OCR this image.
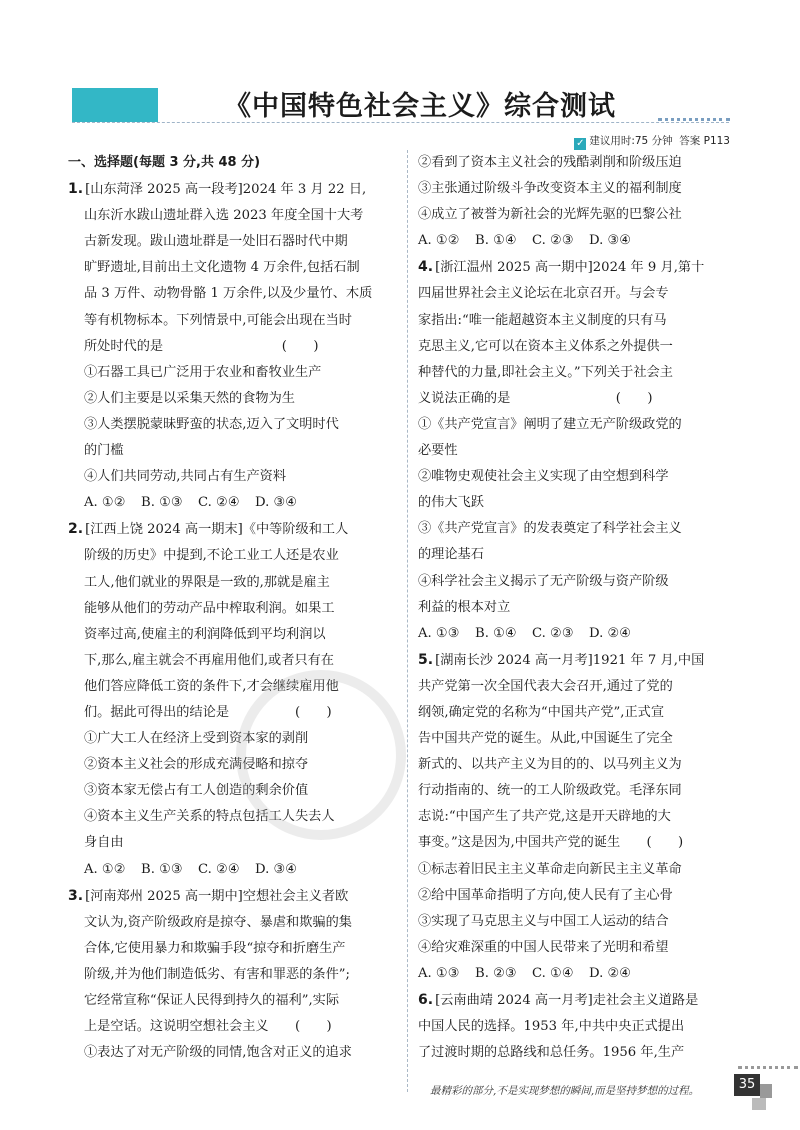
《中国特色社会主义》综合测试
✓ 建议用时:75 分钟 答案 P113
一、选择题(每题 3 分,共 48 分)
1. [山东菏泽 2025 高一段考]2024 年 3 月 22 日,
山东沂水跋山遗址群入选 2023 年度全国十大考
古新发现。跋山遗址群是一处旧石器时代中期
旷野遗址,目前出土文化遗物 4 万余件,包括石制
品 3 万件、动物骨骼 1 万余件,以及少量竹、木质
等有机物标本。下列情景中,可能会出现在当时
所处时代的是　　　　　　　　　(　　)
①石器工具已广泛用于农业和畜牧业生产
②人们主要是以采集天然的食物为生
③人类摆脱蒙昧野蛮的状态,迈入了文明时代
的门槛
④人们共同劳动,共同占有生产资料
A. ①②	B. ①③	C. ②④	D. ③④
2. [江西上饶 2024 高一期末]《中等阶级和工人
阶级的历史》中提到,不论工业工人还是农业
工人,他们就业的界限是一致的,那就是雇主
能够从他们的劳动产品中榨取利润。如果工
资率过高,使雇主的利润降低到平均利润以
下,那么,雇主就会不再雇用他们,或者只有在
他们答应降低工资的条件下,才会继续雇用他
们。据此可得出的结论是　　　　　(　　)
①广大工人在经济上受到资本家的剥削
②资本主义社会的形成充满侵略和掠夺
③资本家无偿占有工人创造的剩余价值
④资本主义生产关系的特点包括工人失去人
身自由
A. ①②	B. ①③	C. ②④	D. ③④
3. [河南郑州 2025 高一期中]空想社会主义者欧
文认为,资产阶级政府是掠夺、暴虐和欺骗的集
合体,它使用暴力和欺骗手段“掠夺和折磨生产
阶级,并为他们制造低劣、有害和罪恶的条件”;
它经常宣称“保证人民得到持久的福利”,实际
上是空话。这说明空想社会主义　　(　　)
①表达了对无产阶级的同情,饱含对正义的追求
②看到了资本主义社会的残酷剥削和阶级压迫
③主张通过阶级斗争改变资本主义的福利制度
④成立了被誉为新社会的光辉先驱的巴黎公社
A. ①②	B. ①④	C. ②③	D. ③④
4. [浙江温州 2025 高一期中]2024 年 9 月,第十
四届世界社会主义论坛在北京召开。与会专
家指出:“唯一能超越资本主义制度的只有马
克思主义,它可以在资本主义体系之外提供一
种替代的力量,即社会主义。”下列关于社会主
义说法正确的是　　　　　　　　(　　)
①《共产党宣言》阐明了建立无产阶级政党的
必要性
②唯物史观使社会主义实现了由空想到科学
的伟大飞跃
③《共产党宣言》的发表奠定了科学社会主义
的理论基石
④科学社会主义揭示了无产阶级与资产阶级
利益的根本对立
A. ①③	B. ①④	C. ②③	D. ②④
5. [湖南长沙 2024 高一月考]1921 年 7 月,中国
共产党第一次全国代表大会召开,通过了党的
纲领,确定党的名称为“中国共产党”,正式宣
告中国共产党的诞生。从此,中国诞生了完全
新式的、以共产主义为目的的、以马列主义为
行动指南的、统一的工人阶级政党。毛泽东同
志说:“中国产生了共产党,这是开天辟地的大
事变。”这是因为,中国共产党的诞生　　(　　)
①标志着旧民主主义革命走向新民主主义革命
②给中国革命指明了方向,使人民有了主心骨
③实现了马克思主义与中国工人运动的结合
④给灾难深重的中国人民带来了光明和希望
A. ①③	B. ②③	C. ①④	D. ②④
6. [云南曲靖 2024 高一月考]走社会主义道路是
中国人民的选择。1953 年,中共中央正式提出
了过渡时期的总路线和总任务。1956 年,生产
最精彩的部分,不是实现梦想的瞬间,而是坚持梦想的过程。	35
